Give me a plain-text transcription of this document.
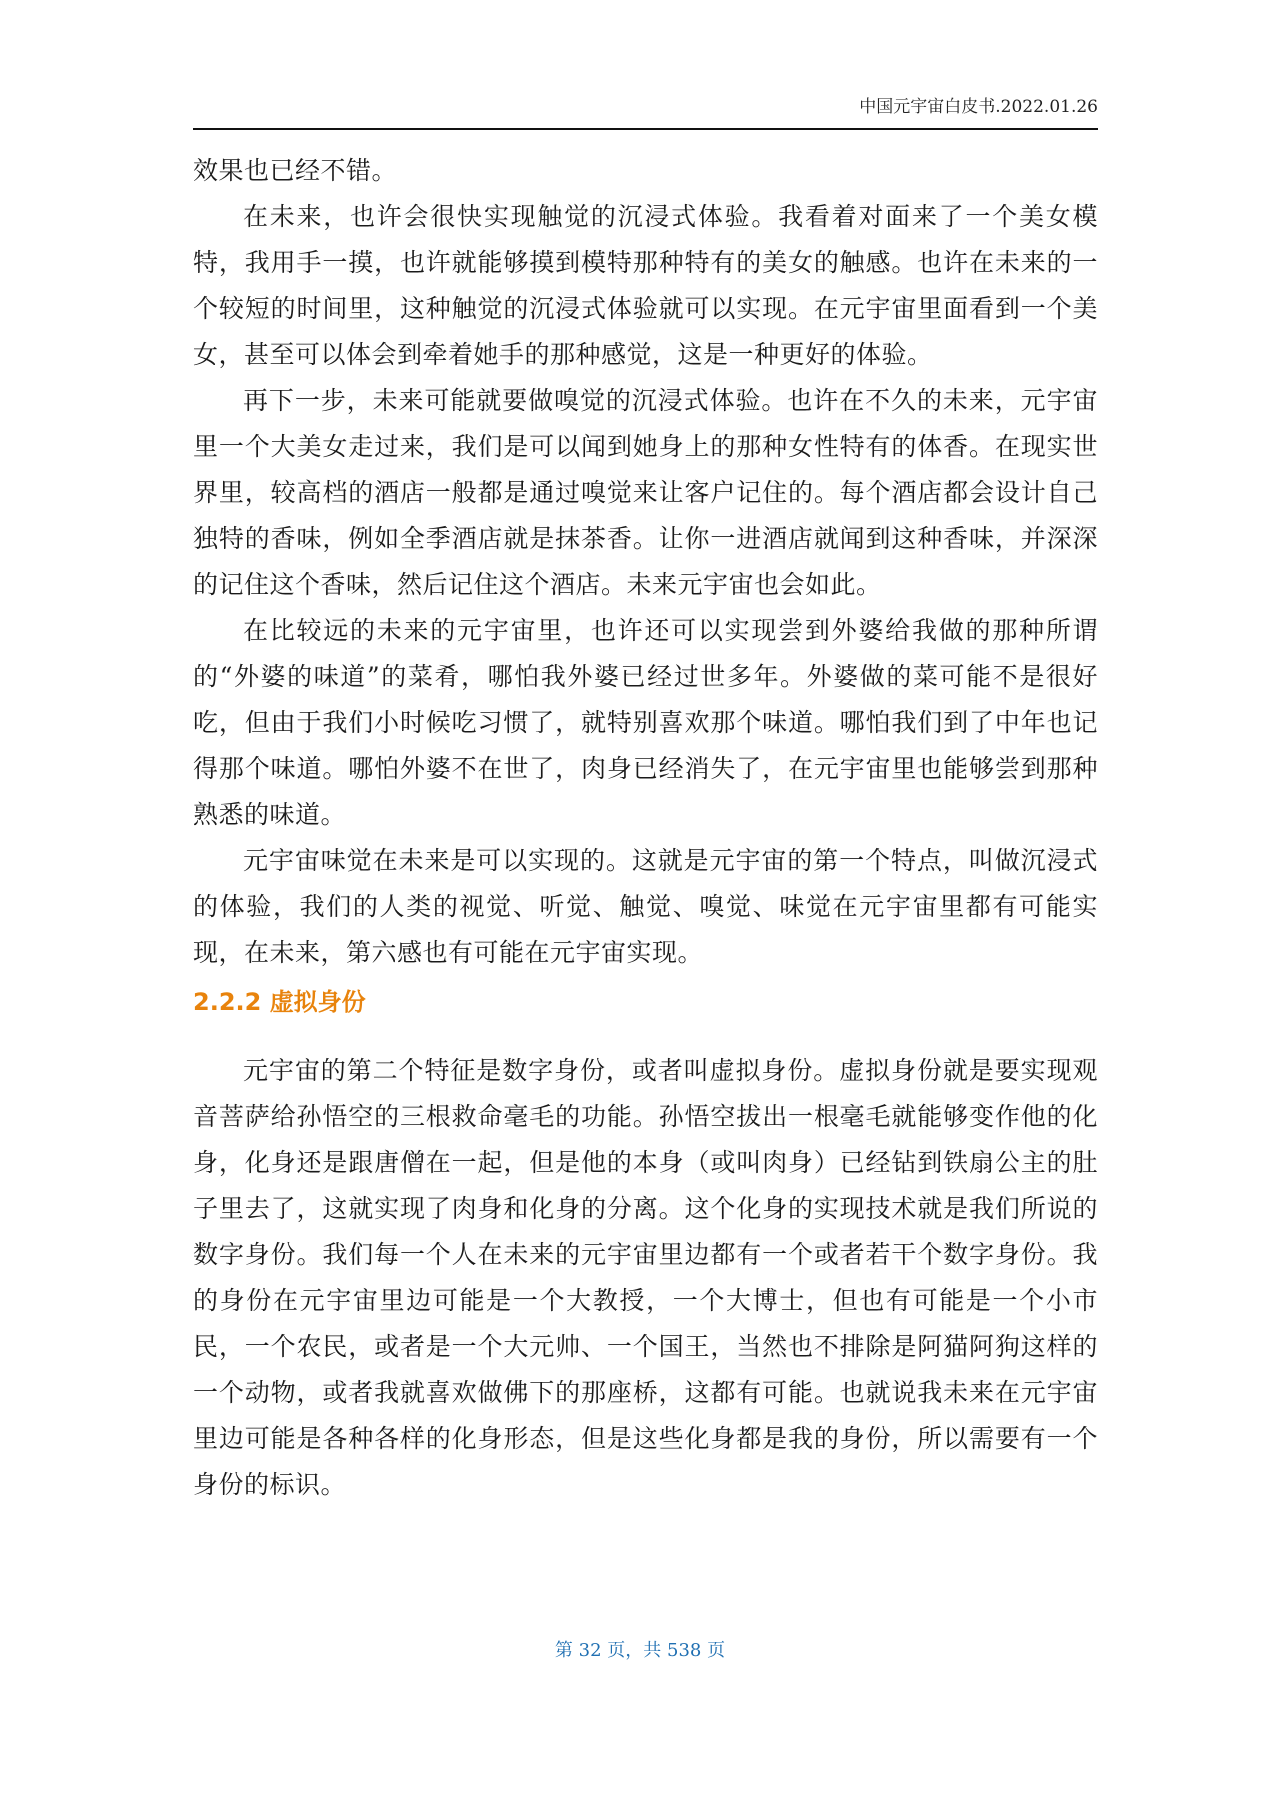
中国元宇宙白皮书.2022.01.26

效果也已经不错。

在未来，也许会很快实现触觉的沉浸式体验。我看着对面来了一个美女模特，我用手一摸，也许就能够摸到模特那种特有的美女的触感。也许在未来的一个较短的时间里，这种触觉的沉浸式体验就可以实现。在元宇宙里面看到一个美女，甚至可以体会到牵着她手的那种感觉，这是一种更好的体验。

再下一步，未来可能就要做嗅觉的沉浸式体验。也许在不久的未来，元宇宙里一个大美女走过来，我们是可以闻到她身上的那种女性特有的体香。在现实世界里，较高档的酒店一般都是通过嗅觉来让客户记住的。每个酒店都会设计自己独特的香味，例如全季酒店就是抹茶香。让你一进酒店就闻到这种香味，并深深的记住这个香味，然后记住这个酒店。未来元宇宙也会如此。

在比较远的未来的元宇宙里，也许还可以实现尝到外婆给我做的那种所谓的“外婆的味道”的菜肴，哪怕我外婆已经过世多年。外婆做的菜可能不是很好吃，但由于我们小时候吃习惯了，就特别喜欢那个味道。哪怕我们到了中年也记得那个味道。哪怕外婆不在世了，肉身已经消失了，在元宇宙里也能够尝到那种熟悉的味道。

元宇宙味觉在未来是可以实现的。这就是元宇宙的第一个特点，叫做沉浸式的体验，我们的人类的视觉、听觉、触觉、嗅觉、味觉在元宇宙里都有可能实现，在未来，第六感也有可能在元宇宙实现。

2.2.2 虚拟身份

元宇宙的第二个特征是数字身份，或者叫虚拟身份。虚拟身份就是要实现观音菩萨给孙悟空的三根救命毫毛的功能。孙悟空拔出一根毫毛就能够变作他的化身，化身还是跟唐僧在一起，但是他的本身（或叫肉身）已经钻到铁扇公主的肚子里去了，这就实现了肉身和化身的分离。这个化身的实现技术就是我们所说的数字身份。我们每一个人在未来的元宇宙里边都有一个或者若干个数字身份。我的身份在元宇宙里边可能是一个大教授，一个大博士，但也有可能是一个小市民，一个农民，或者是一个大元帅、一个国王，当然也不排除是阿猫阿狗这样的一个动物，或者我就喜欢做佛下的那座桥，这都有可能。也就说我未来在元宇宙里边可能是各种各样的化身形态，但是这些化身都是我的身份，所以需要有一个身份的标识。

第 32 页，共 538 页
